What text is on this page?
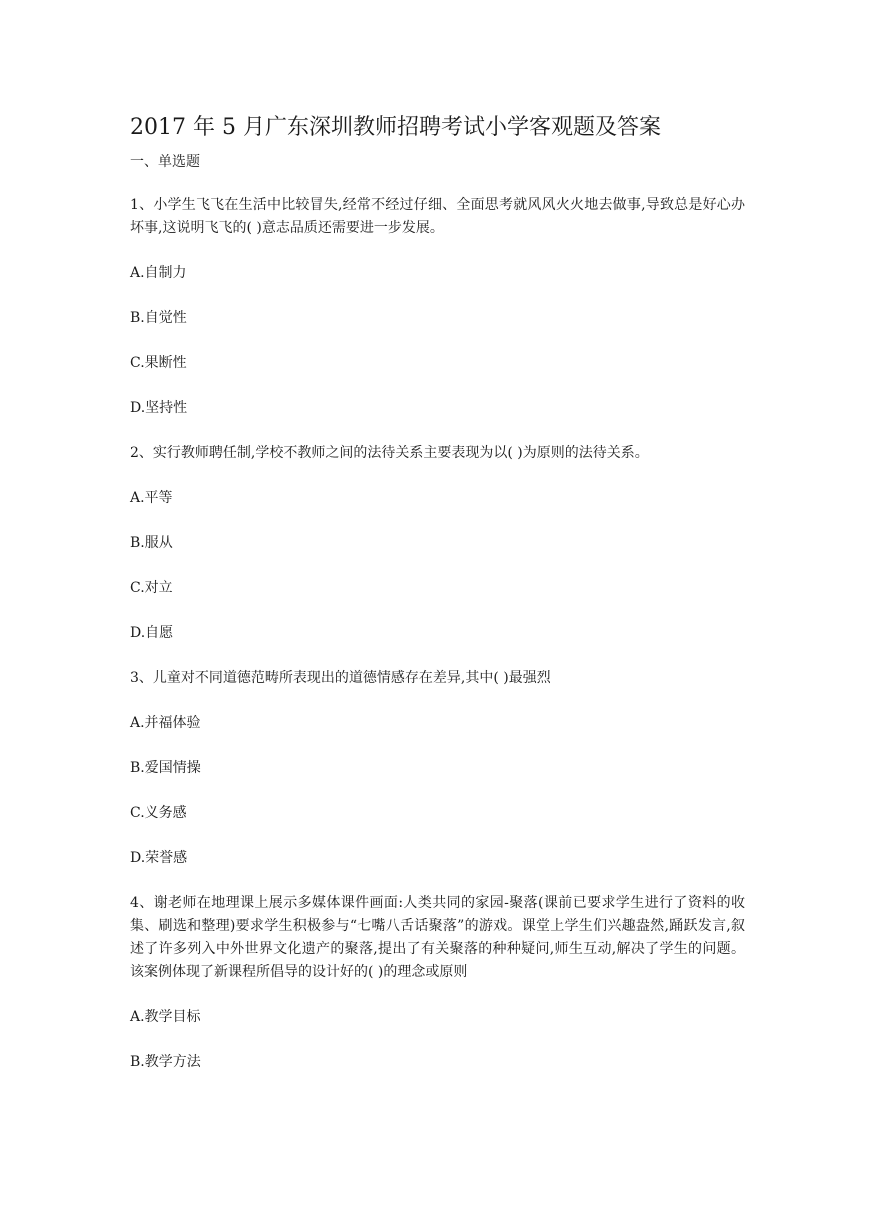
2017 年 5 月广东深圳教师招聘考试小学客观题及答案
一、单选题
1、小学生飞飞在生活中比较冒失,经常不经过仔细、全面思考就风风火火地去做事,导致总是好心办坏事,这说明飞飞的( )意志品质还需要进一步发展。
A.自制力
B.自觉性
C.果断性
D.坚持性
2、实行教师聘任制,学校不教师之间的法待关系主要表现为以( )为原则的法待关系。
A.平等
B.服从
C.对立
D.自愿
3、儿童对不同道德范畴所表现出的道德情感存在差异,其中( )最强烈
A.并福体验
B.爱国情操
C.义务感
D.荣誉感
4、谢老师在地理课上展示多媒体课件画面:人类共同的家园-聚落(课前已要求学生进行了资料的收集、刷选和整理)要求学生积极参与“七嘴八舌话聚落”的游戏。课堂上学生们兴趣盎然,踊跃发言,叙述了许多列入中外世界文化遗产的聚落,提出了有关聚落的种种疑问,师生互动,解决了学生的问题。该案例体现了新课程所倡导的设计好的( )的理念或原则
A.教学目标
B.教学方法
